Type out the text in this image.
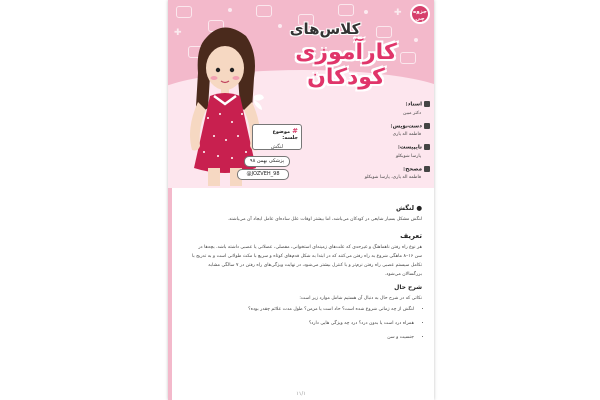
✚
✚
جزوه چی
کلاس‌های
کارآموزی کودکان
#موضوع جلسه:
لنگش
پزشکی بهمن ۹۸
@JOZVEH_98
استاد:
دکتر مبین
دست‌نویس:
فاطمه اله یاری
تایپیست:
پارسا شوبکلو
مصحح:
فاطمه اله یاری، پارسا شوبکلو
● لنگش
لنگش مشکل بسیار شایعی در کودکان می‌باشد، اما بیشتر اوقات علل ساده‌ای عامل ایجاد آن می‌باشند.
تعریف
هر نوع راه رفتن ناهماهنگ و غیرحدی که علت‌های زمینه‌ای استخوانی، مفصلی، عضلانی یا عصبی داشته باشد. بچه‌ها در سن ۱۶–۸ ماهگی شروع به راه رفتن می‌کنند که در ابتدا به شکل قدم‌های کوتاه و سریع با مکث طولانی است و به تدریج با تکامل سیستم عصبی راه رفتن نرم‌تر و با کنترل بیشتر می‌شود، در نهایت ویژگی‌های راه رفتن در ۷ سالگی مشابه بزرگسالان می‌شود.
شرح حال
نکاتی که در شرح حال به دنبال آن هستیم شامل موارد زیر است:
• لنگش از چه زمانی شروع شده است؟ حاد است یا مزمن؟ طول مدت علائم چقدر بوده؟
• همراه درد است یا بدون درد؟ درد چه ویژگی هایی دارد؟
• جنسیت و سن
۱۱/۱
